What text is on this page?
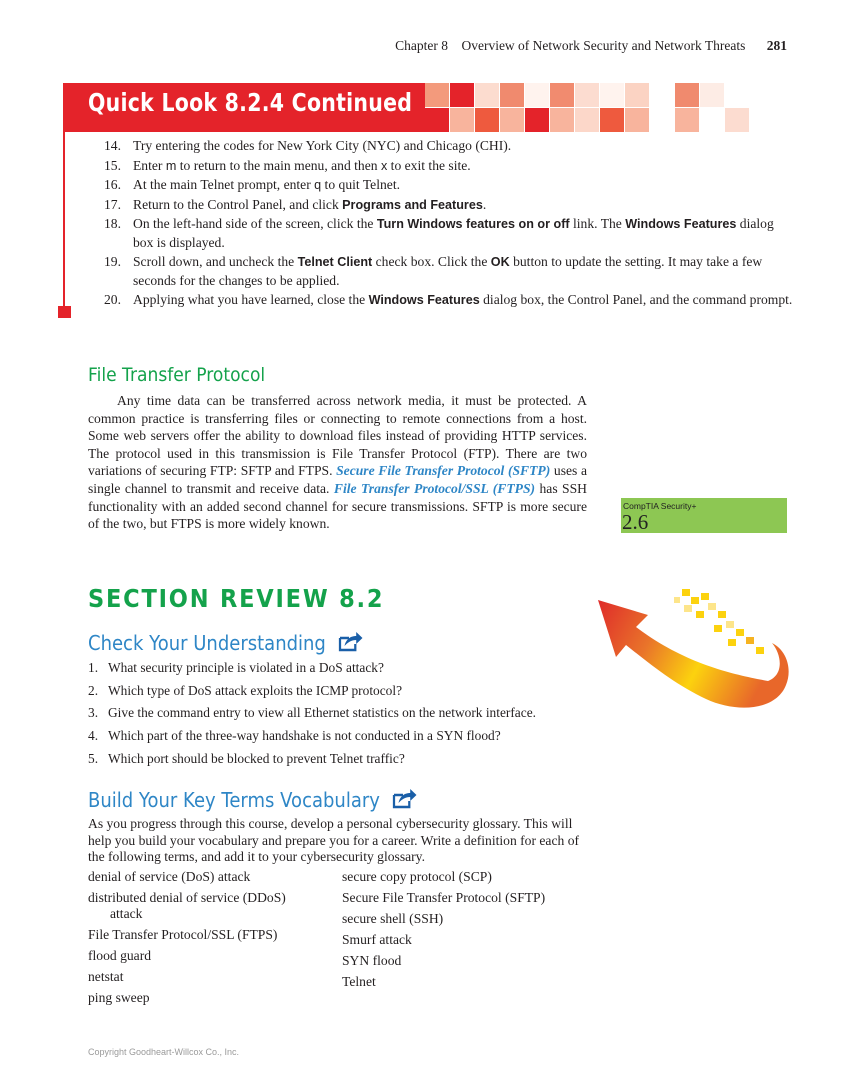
Chapter 8 Overview of Network Security and Network Threats 281
Quick Look 8.2.4 Continued
14. Try entering the codes for New York City (NYC) and Chicago (CHI).
15. Enter m to return to the main menu, and then x to exit the site.
16. At the main Telnet prompt, enter q to quit Telnet.
17. Return to the Control Panel, and click Programs and Features.
18. On the left-hand side of the screen, click the Turn Windows features on or off link. The Windows Features dialog box is displayed.
19. Scroll down, and uncheck the Telnet Client check box. Click the OK button to update the setting. It may take a few seconds for the changes to be applied.
20. Applying what you have learned, close the Windows Features dialog box, the Control Panel, and the command prompt.
File Transfer Protocol
Any time data can be transferred across network media, it must be protected. A common practice is transferring files or connecting to remote connections from a host. Some web servers offer the ability to download files instead of providing HTTP services. The protocol used in this transmission is File Transfer Protocol (FTP). There are two variations of securing FTP: SFTP and FTPS. Secure File Transfer Protocol (SFTP) uses a single channel to transmit and receive data. File Transfer Protocol/SSL (FTPS) has SSH functionality with an added second channel for secure transmissions. SFTP is more secure of the two, but FTPS is more widely known.
CompTIA Security+
2.6
SECTION REVIEW 8.2
Check Your Understanding
1. What security principle is violated in a DoS attack?
2. Which type of DoS attack exploits the ICMP protocol?
3. Give the command entry to view all Ethernet statistics on the network interface.
4. Which part of the three-way handshake is not conducted in a SYN flood?
5. Which port should be blocked to prevent Telnet traffic?
Build Your Key Terms Vocabulary
As you progress through this course, develop a personal cybersecurity glossary. This will help you build your vocabulary and prepare you for a career. Write a definition for each of the following terms, and add it to your cybersecurity glossary.
denial of service (DoS) attack
distributed denial of service (DDoS)
attack
File Transfer Protocol/SSL (FTPS)
flood guard
netstat
ping sweep
secure copy protocol (SCP)
Secure File Transfer Protocol (SFTP)
secure shell (SSH)
Smurf attack
SYN flood
Telnet
Copyright Goodheart-Willcox Co., Inc.
